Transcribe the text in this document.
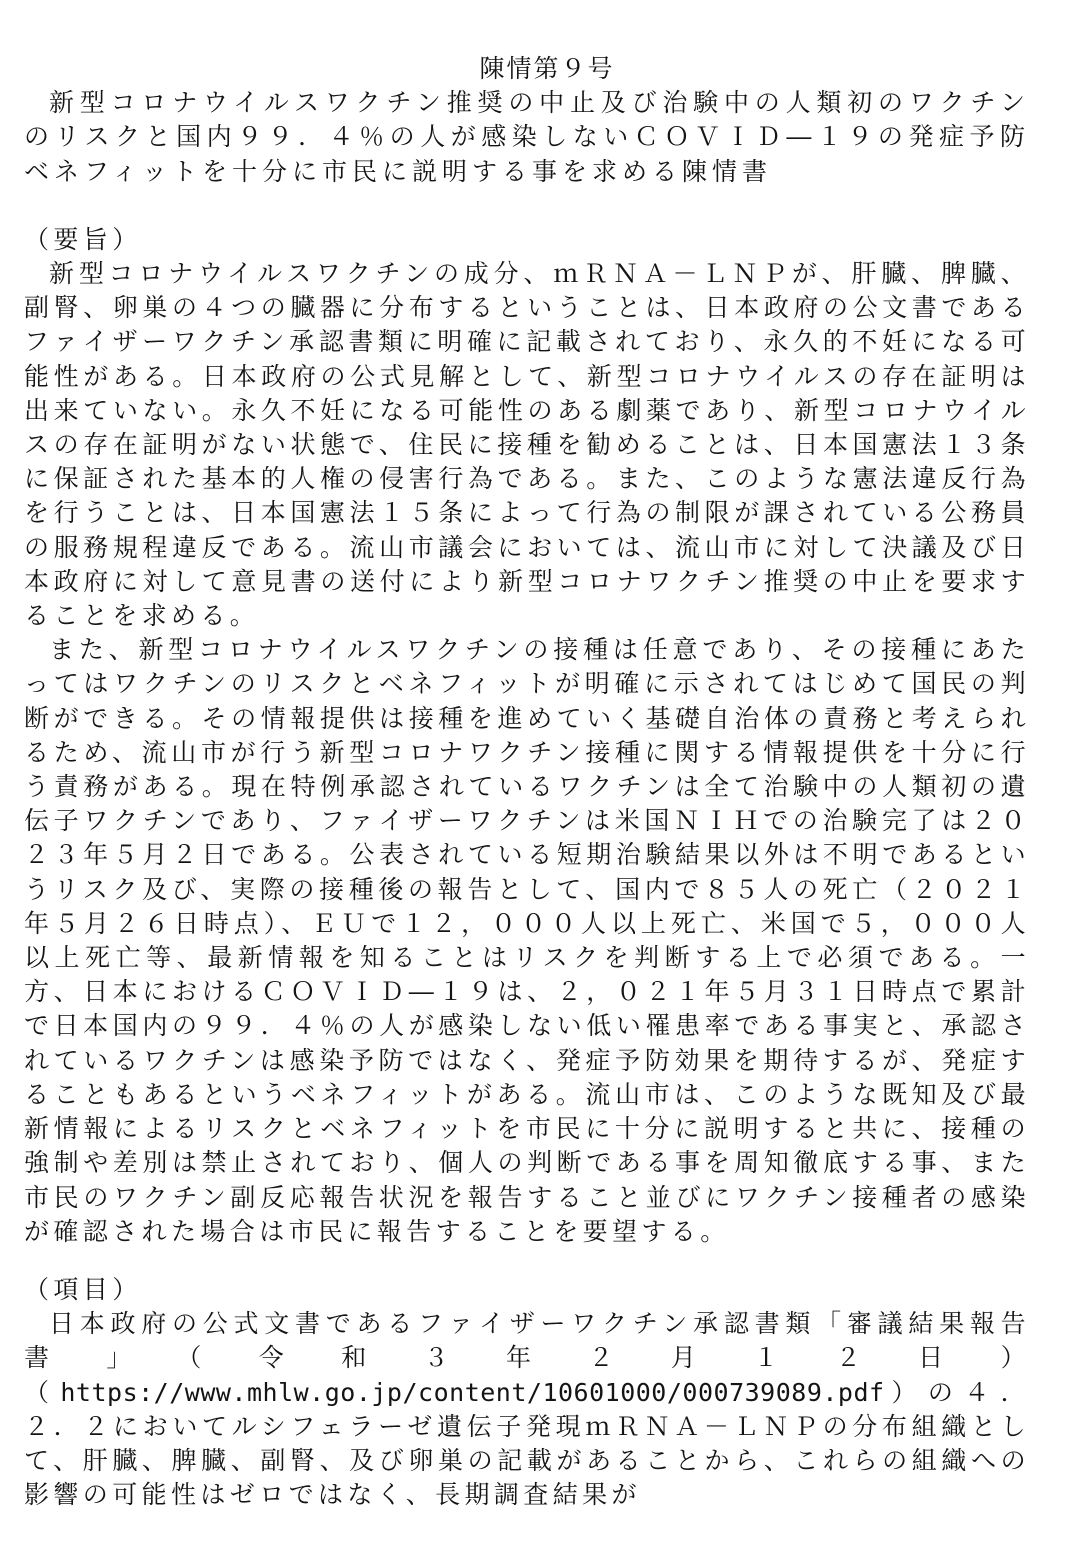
陳情第９号

新型コロナウイルスワクチン推奨の中止及び治験中の人類初のワクチンのリスクと国内９９．４％の人が感染しないＣＯＶＩＤ―１９の発症予防ベネフィットを十分に市民に説明する事を求める陳情書

（要旨）

新型コロナウイルスワクチンの成分、ｍＲＮＡ－ＬＮＰが、肝臓、脾臓、副腎、卵巣の４つの臓器に分布するということは、日本政府の公文書であるファイザーワクチン承認書類に明確に記載されており、永久的不妊になる可能性がある。日本政府の公式見解として、新型コロナウイルスの存在証明は出来ていない。永久不妊になる可能性のある劇薬であり、新型コロナウイルスの存在証明がない状態で、住民に接種を勧めることは、日本国憲法１３条に保証された基本的人権の侵害行為である。また、このような憲法違反行為を行うことは、日本国憲法１５条によって行為の制限が課されている公務員の服務規程違反である。流山市議会においては、流山市に対して決議及び日本政府に対して意見書の送付により新型コロナワクチン推奨の中止を要求することを求める。

また、新型コロナウイルスワクチンの接種は任意であり、その接種にあたってはワクチンのリスクとベネフィットが明確に示されてはじめて国民の判断ができる。その情報提供は接種を進めていく基礎自治体の責務と考えられるため、流山市が行う新型コロナワクチン接種に関する情報提供を十分に行う責務がある。現在特例承認されているワクチンは全て治験中の人類初の遺伝子ワクチンであり、ファイザーワクチンは米国ＮＩＨでの治験完了は２０２３年５月２日である。公表されている短期治験結果以外は不明であるというリスク及び、実際の接種後の報告として、国内で８５人の死亡（２０２１年５月２６日時点）、ＥＵで１２，０００人以上死亡、米国で５，０００人以上死亡等、最新情報を知ることはリスクを判断する上で必須である。一方、日本におけるＣＯＶＩＤ―１９は、２，０２１年５月３１日時点で累計で日本国内の９９．４％の人が感染しない低い罹患率である事実と、承認されているワクチンは感染予防ではなく、発症予防効果を期待するが、発症することもあるというベネフィットがある。流山市は、このような既知及び最新情報によるリスクとベネフィットを市民に十分に説明すると共に、接種の強制や差別は禁止されており、個人の判断である事を周知徹底する事、また市民のワクチン副反応報告状況を報告すること並びにワクチン接種者の感染が確認された場合は市民に報告することを要望する。

（項目）

日本政府の公式文書であるファイザーワクチン承認書類「審議結果報告書」（令和３年２月１２日）（https://www.mhlw.go.jp/content/10601000/000739089.pdf）の４．２．２においてルシフェラーゼ遺伝子発現ｍＲＮＡ－ＬＮＰの分布組織として、肝臓、脾臓、副腎、及び卵巣の記載があることから、これらの組織への影響の可能性はゼロではなく、長期調査結果が
